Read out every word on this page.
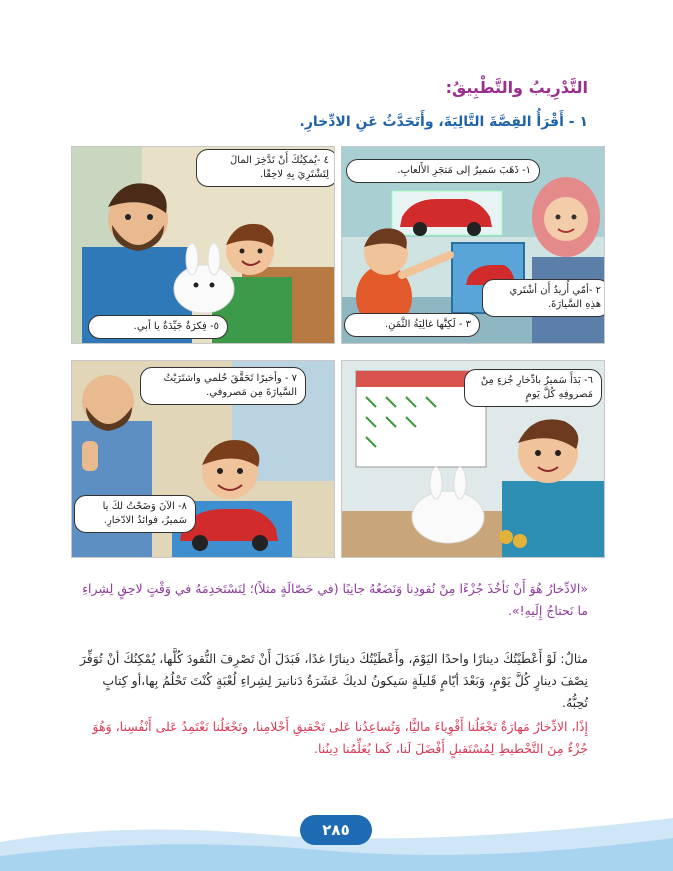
التَّدْرِيبُ والتَّطْبِيقُ:
١ - أَقْرَأُ القِصَّةَ التَّالِيَةَ، وأَتَحَدَّثُ عَنِ الادِّخارِ.
١- ذَهَبَ سَميرٌ إلى مَتجَرِ الأَلعابِ.
٢ -أمّي أُريدُ أَن أشْتَري هذِهِ السَّيارَةَ.
٣ - لَكِنَّها غالِيَةُ الثَّمَنِ.
٤ -يُمكِنُكَ أَنْ تَدَّخِرَ المالَ لِتَشْتَرِيَ بِهِ لاحِقًا.
٥- فِكرَةٌ جَيِّدَةٌ يا أبي.
٦- بَدَأَ سَميرٌ بادِّخارِ جُزءٍ مِنْ مَصروفِهِ كُلَّ يَومٍ
٧ - وأخيرًا تَحَقَّقَ حُلمي واشتَرَيْتُ السَّيارَةَ مِن مَصروفي.
٨- الآنَ وَضَحْتُ لكَ يا سَميرُ، فوائدُ الادّخارِ.
«الادِّخارُ هُوَ أَنْ نَأخُذَ جُزْءًا مِنْ نُقودِنا وَنَضَعُهُ جانِبًا (في حَصّالَةٍ مثلاً)؛ لِنَسْتَخدِمَهُ في وَقْتٍ لاحِقٍ لِشِراءِ ما نَحتاجُ إِلَيهِ!».
مثالٌ: لَوْ أَعْطَيْتُكَ دينارًا واحدًا اليَوْمَ، وأَعْطَيْتُكَ دينارًا غدًا، فَبَدَلَ أَنْ تَصْرِفَ النُّقودَ كُلَّها، يُمْكِنُكَ أنْ تُوَفِّرَ نِصْفَ دينارٍ كُلَّ يَوْمٍ، وَبَعْدَ أيّامٍ قَليلَةٍ سَيكونُ لديكَ عَشَرَةُ دَنانيرَ لِشِراءِ لُعْبَةٍ كُنْتَ تَحْلُمُ بِها،أو كِتابٍ تُحِبُّهُ.
إِذًا، الادِّخارُ مَهارَةٌ تَجْعَلُنا أَقْوِياءَ ماليًّا، وَتُساعِدُنا عَلى تَحْقيقِ أَحْلامِنا، وتَجْعَلُنا نَعْتَمِدُ عَلى أَنْفُسِنا، وَهُوَ جُزْءٌ مِنَ التَّخْطيطِ لِمُسْتَقبلٍ أَفْضَلَ لَنا، كَما يُعَلِّمُنا دِينُنا.
٢٨٥
